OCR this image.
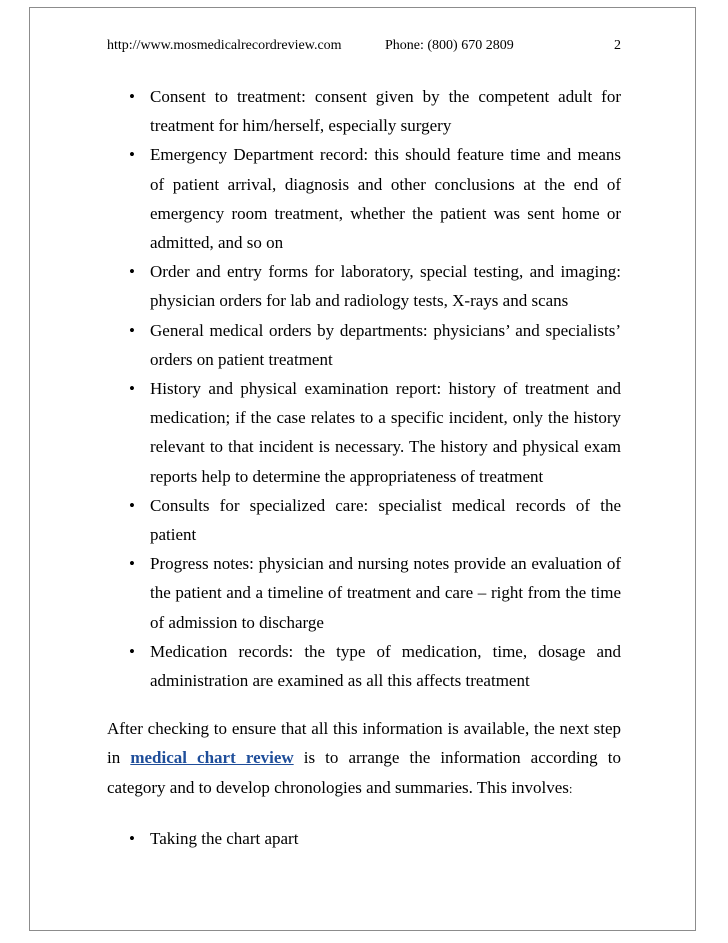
http://www.mosmedicalrecordreview.com	Phone: (800) 670 2809	2
• Consent to treatment: consent given by the competent adult for treatment for him/herself, especially surgery
• Emergency Department record: this should feature time and means of patient arrival, diagnosis and other conclusions at the end of emergency room treatment, whether the patient was sent home or admitted, and so on
• Order and entry forms for laboratory, special testing, and imaging: physician orders for lab and radiology tests, X-rays and scans
• General medical orders by departments: physicians’ and specialists’ orders on patient treatment
• History and physical examination report: history of treatment and medication; if the case relates to a specific incident, only the history relevant to that incident is necessary. The history and physical exam reports help to determine the appropriateness of treatment
• Consults for specialized care: specialist medical records of the patient
• Progress notes: physician and nursing notes provide an evaluation of the patient and a timeline of treatment and care – right from the time of admission to discharge
• Medication records: the type of medication, time, dosage and administration are examined as all this affects treatment

After checking to ensure that all this information is available, the next step in medical chart review is to arrange the information according to category and to develop chronologies and summaries. This involves:

• Taking the chart apart
